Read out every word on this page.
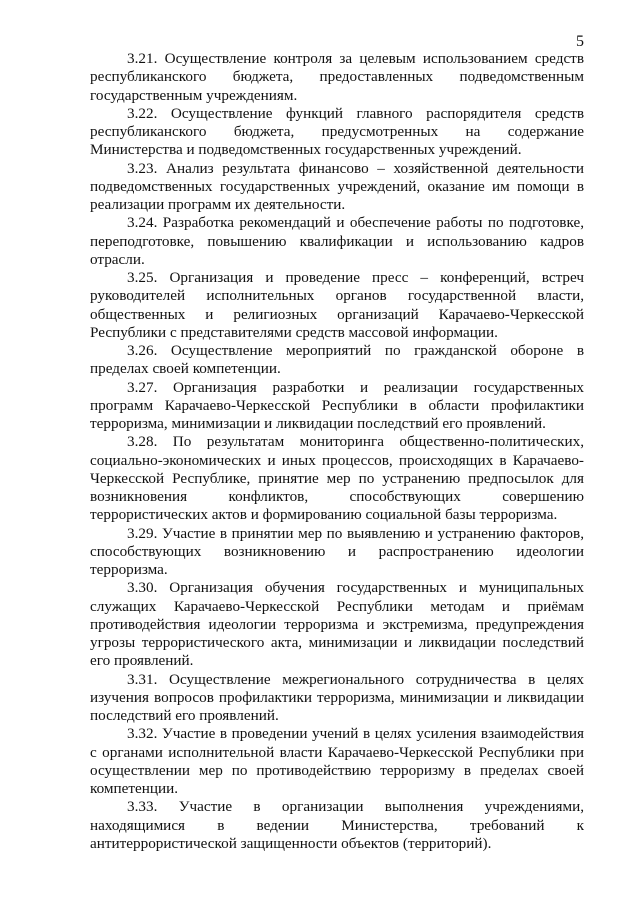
5

3.21. Осуществление контроля за целевым использованием средств республиканского бюджета, предоставленных подведомственным государственным учреждениям.

3.22. Осуществление функций главного распорядителя средств республиканского бюджета, предусмотренных на содержание Министерства и подведомственных государственных учреждений.

3.23. Анализ результата финансово – хозяйственной деятельности подведомственных государственных учреждений, оказание им помощи в реализации программ их деятельности.

3.24. Разработка рекомендаций и обеспечение работы по подготовке, переподготовке, повышению квалификации и использованию кадров отрасли.

3.25. Организация и проведение пресс – конференций, встреч руководителей исполнительных органов государственной власти, общественных и религиозных организаций Карачаево-Черкесской Республики с представителями средств массовой информации.

3.26. Осуществление мероприятий по гражданской обороне в пределах своей компетенции.

3.27. Организация разработки и реализации государственных программ Карачаево-Черкесской Республики в области профилактики терроризма, минимизации и ликвидации последствий его проявлений.

3.28. По результатам мониторинга общественно-политических, социально-экономических и иных процессов, происходящих в Карачаево-Черкесской Республике, принятие мер по устранению предпосылок для возникновения конфликтов, способствующих совершению террористических актов и формированию социальной базы терроризма.

3.29. Участие в принятии мер по выявлению и устранению факторов, способствующих возникновению и распространению идеологии терроризма.

3.30. Организация обучения государственных и муниципальных служащих Карачаево-Черкесской Республики методам и приёмам противодействия идеологии терроризма и экстремизма, предупреждения угрозы террористического акта, минимизации и ликвидации последствий его проявлений.

3.31. Осуществление межрегионального сотрудничества в целях изучения вопросов профилактики терроризма, минимизации и ликвидации последствий его проявлений.

3.32. Участие в проведении учений в целях усиления взаимодействия с органами исполнительной власти Карачаево-Черкесской Республики при осуществлении мер по противодействию терроризму в пределах своей компетенции.

3.33. Участие в организации выполнения учреждениями, находящимися в ведении Министерства, требований к антитеррористической защищенности объектов (территорий).
